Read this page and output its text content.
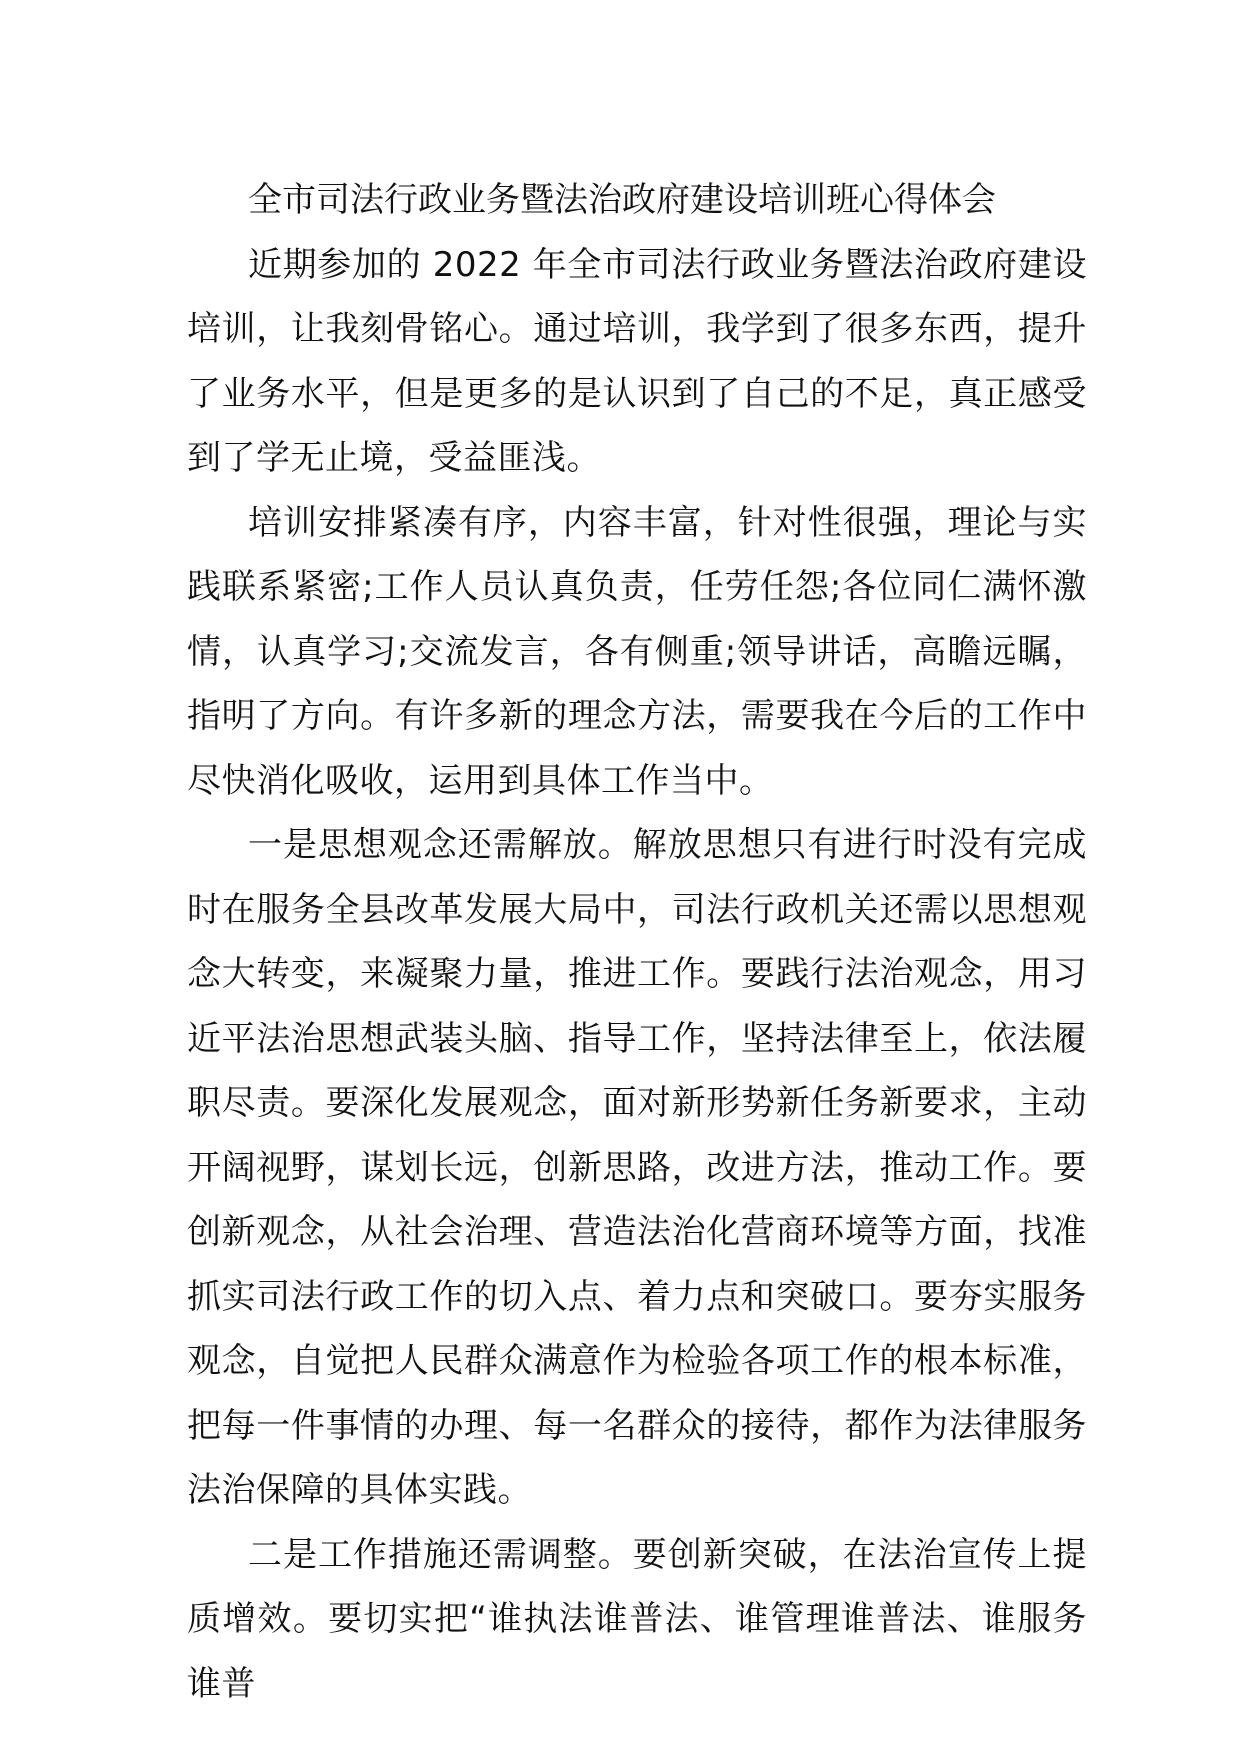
全市司法行政业务暨法治政府建设培训班心得体会

近期参加的 2022 年全市司法行政业务暨法治政府建设培训，让我刻骨铭心。通过培训，我学到了很多东西，提升了业务水平，但是更多的是认识到了自己的不足，真正感受到了学无止境，受益匪浅。

培训安排紧凑有序，内容丰富，针对性很强，理论与实践联系紧密;工作人员认真负责，任劳任怨;各位同仁满怀激情，认真学习;交流发言，各有侧重;领导讲话，高瞻远瞩，指明了方向。有许多新的理念方法，需要我在今后的工作中尽快消化吸收，运用到具体工作当中。

一是思想观念还需解放。解放思想只有进行时没有完成时在服务全县改革发展大局中，司法行政机关还需以思想观念大转变，来凝聚力量，推进工作。要践行法治观念，用习近平法治思想武装头脑、指导工作，坚持法律至上，依法履职尽责。要深化发展观念，面对新形势新任务新要求，主动开阔视野，谋划长远，创新思路，改进方法，推动工作。要创新观念，从社会治理、营造法治化营商环境等方面，找准抓实司法行政工作的切入点、着力点和突破口。要夯实服务观念，自觉把人民群众满意作为检验各项工作的根本标准，把每一件事情的办理、每一名群众的接待，都作为法律服务法治保障的具体实践。

二是工作措施还需调整。要创新突破，在法治宣传上提质增效。要切实把“谁执法谁普法、谁管理谁普法、谁服务谁普
